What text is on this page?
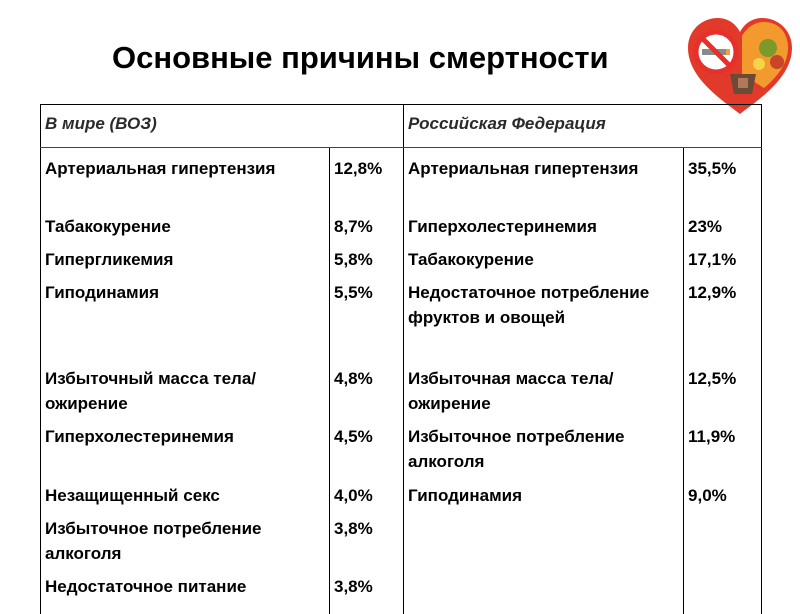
Основные причины смертности
В мире (ВОЗ)		Российская Федерация	
Артериальная гипертензия	12,8%	Артериальная гипертензия	35,5%
Табакокурение	8,7%	Гиперхолестеринемия	23%
Гипергликемия	5,8%	Табакокурение	17,1%
Гиподинамия	5,5%	Недостаточное потребление фруктов и овощей	12,9%
Избыточный масса тела/ ожирение	4,8%	Избыточная масса тела/ ожирение	12,5%
Гиперхолестеринемия	4,5%	Избыточное потребление алкоголя	11,9%
Незащищенный секс	4,0%	Гиподинамия	9,0%
Избыточное потребление алкоголя	3,8%		
Недостаточное питание	3,8%		
